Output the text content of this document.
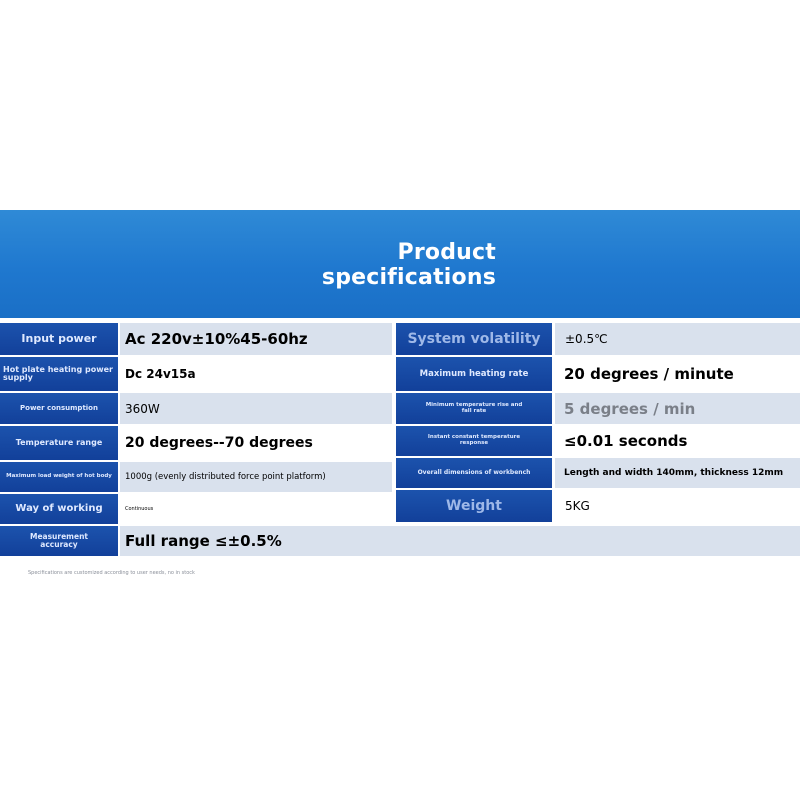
Product
specifications
Input power	Ac 220v±10%45-60hz
Hot plate heating power supply	Dc 24v15a
Power consumption	360W
Temperature range	20 degrees--70 degrees
Maximum load weight of hot body	1000g (evenly distributed force point platform)
Way of working	Continuous
Measurement accuracy	Full range ≤±0.5%
System volatility	±0.5℃
Maximum heating rate	20 degrees / minute
Minimum temperature rise and fall rate	5 degrees / min
Instant constant temperature response	≤0.01 seconds
Overall dimensions of workbench	Length and width 140mm, thickness 12mm
Weight	5KG
Specifications are customized according to user needs, no in stock
